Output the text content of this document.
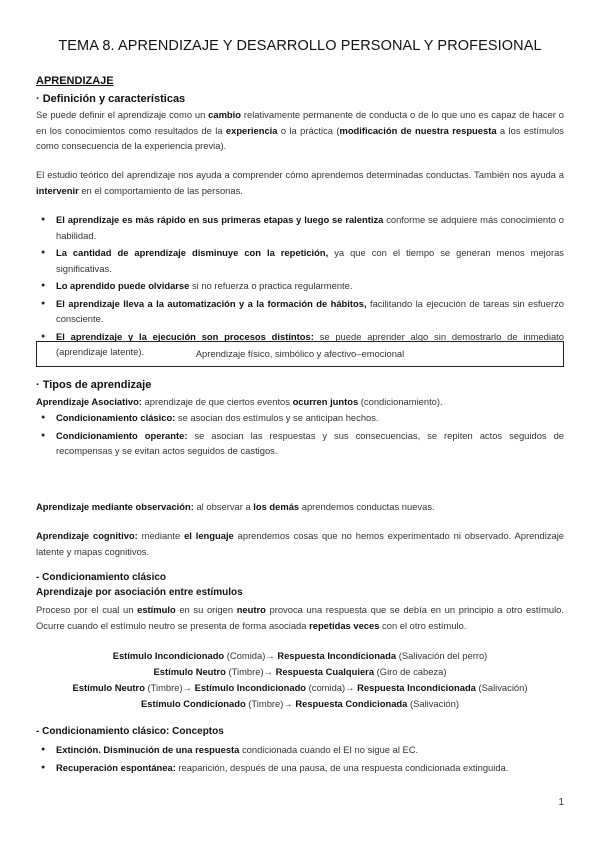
TEMA 8. APRENDIZAJE Y DESARROLLO PERSONAL Y PROFESIONAL
APRENDIZAJE
· Definición y características
Se puede definir el aprendizaje como un cambio relativamente permanente de conducta o de lo que uno es capaz de hacer o en los conocimientos como resultados de la experiencia o la práctica (modificación de nuestra respuesta a los estímulos como consecuencia de la experiencia previa).
El estudio teórico del aprendizaje nos ayuda a comprender cómo aprendemos determinadas conductas. También nos ayuda a intervenir en el comportamiento de las personas.
● El aprendizaje es más rápido en sus primeras etapas y luego se ralentiza conforme se adquiere más conocimiento o habilidad.
● La cantidad de aprendizaje disminuye con la repetición, ya que con el tiempo se generan menos mejoras significativas.
● Lo aprendido puede olvidarse si no refuerza o practica regularmente.
● El aprendizaje lleva a la automatización y a la formación de hábitos, facilitando la ejecución de tareas sin esfuerzo consciente.
● El aprendizaje y la ejecución son procesos distintos: se puede aprender algo sin demostrarlo de inmediato (aprendizaje latente).	Aprendizaje físico, simbólico y afectivo–emocional
· Tipos de aprendizaje
Aprendizaje Asociativo: aprendizaje de que ciertos eventos ocurren juntos (condicionamiento).
● Condicionamiento clásico: se asocian dos estímulos y se anticipan hechos.
● Condicionamiento operante: se asocian las respuestas y sus consecuencias, se repiten actos seguidos de recompensas y se evitan actos seguidos de castigos.
Aprendizaje mediante observación: al observar a los demás aprendemos conductas nuevas.
Aprendizaje cognitivo: mediante el lenguaje aprendemos cosas que no hemos experimentado ni observado. Aprendizaje latente y mapas cognitivos.
- Condicionamiento clásico
Aprendizaje por asociación entre estímulos
Proceso por el cual un estímulo en su origen neutro provoca una respuesta que se debía en un principio a otro estímulo. Ocurre cuando el estímulo neutro se presenta de forma asociada repetidas veces con el otro estímulo.
Estímulo Incondicionado (Comida)→ Respuesta Incondicionada (Salivación del perro)
Estímulo Neutro (Timbre)→ Respuesta Cualquiera (Giro de cabeza)
Estímulo Neutro (Timbre)→ Estímulo Incondicionado (comida)→ Respuesta Incondicionada (Salivación)
Estímulo Condicionado (Timbre)→ Respuesta Condicionada (Salivación)
- Condicionamiento clásico: Conceptos
● Extinción. Disminución de una respuesta condicionada cuando el EI no sigue al EC.
● Recuperación espontánea: reaparición, después de una pausa, de una respuesta condicionada extinguida.
1
